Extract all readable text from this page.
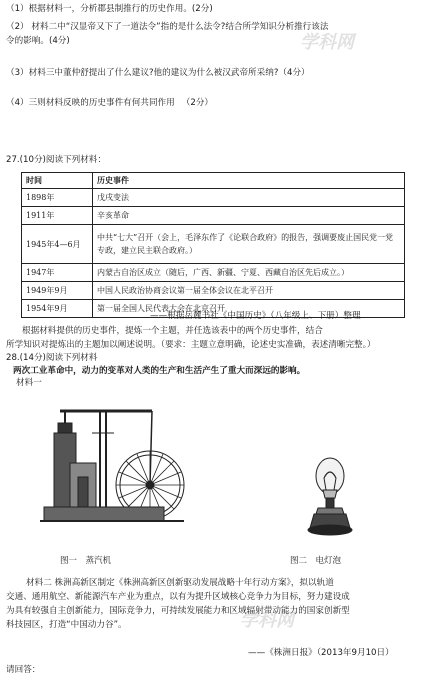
学科网
学科网
（1）根据材料一，分析郡县制推行的历史作用。(2分)
（2） 材料二中“汉显帝又下了一道法令”指的是什么法令?结合所学知识分析推行该法
令的影响。(4分)
（3）材料三中董仲舒提出了什么建议?他的建议为什么被汉武帝所采纳?（4分）
（4）三则材料反映的历史事件有何共同作用 　（2分）
27.(10分)阅读下列材料：
时间	历史事件
1898年	戊戌变法
1911年	辛亥革命
1945年4—6月	中共“七大”召开（会上，毛泽东作了《论联合政府》的报告，强调要废止国民党一党专政，建立民主联合政府。）
1947年	内蒙古自治区成立（随后，广西、新疆、宁夏、西藏自治区先后成立。）
1949年9月	中国人民政治协商会议第一届全体会议在北平召开
1954年9月	第一届全国人民代表大会在北京召开
——根据岳麓书社《中国历史》（八年级上、下册）整理
根据材料提供的历史事件，提炼一个主题，并任选该表中的两个历史事件，结合
所学知识对提炼出的主题加以阐述说明。（要求：主题立意明确，论述史实准确，表述清晰完整。）
28.(14分)阅读下列材料
两次工业革命中，动力的变革对人类的生产和生活产生了重大而深远的影响。
材料一
图一　蒸汽机	图二　电灯泡
材料二 株洲高新区制定《株洲高新区创新驱动发展战略十年行动方案》，拟以轨道
交通、通用航空、新能源汽车产业为重点，以有为提升区域核心竞争力为目标，努力建设成
为具有较强自主创新能力，国际竞争力，可持续发展能力和区域辐射带动能力的国家创新型
科技园区，打造“中国动力谷”。
——《株洲日报》（2013年9月10日）
请回答：
